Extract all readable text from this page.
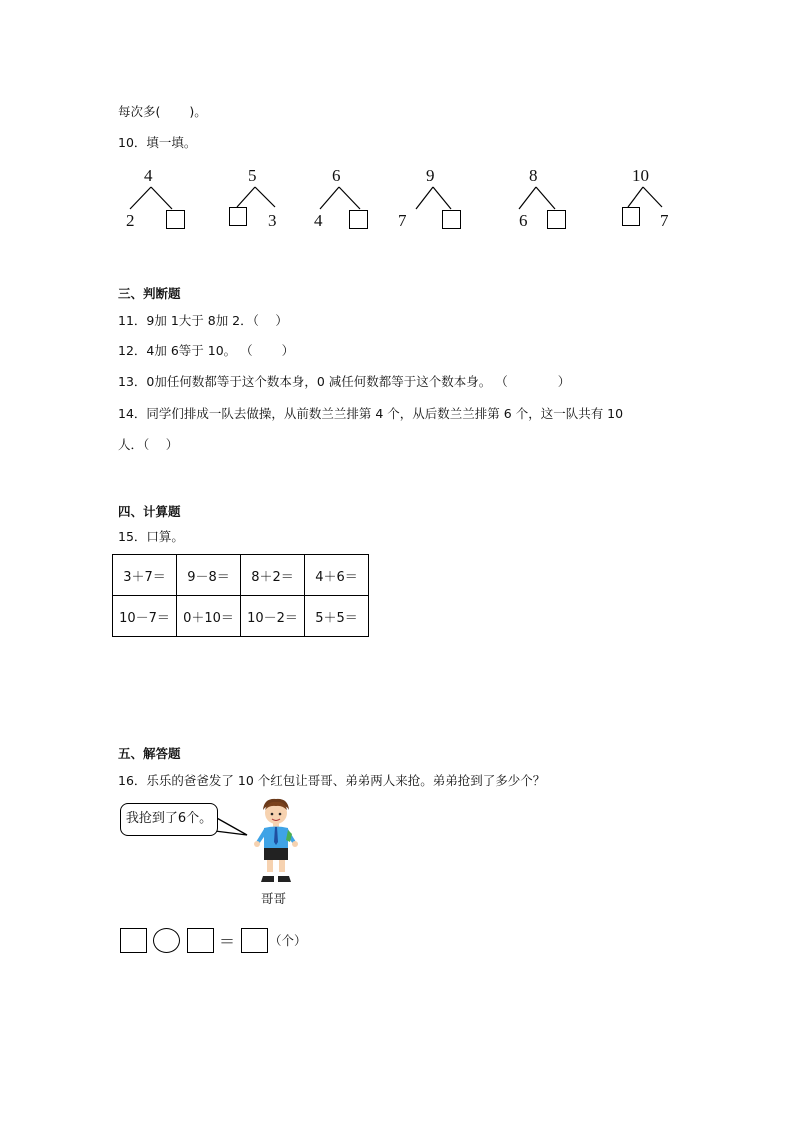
每次多(　　 )。
10．填一填。
4
2
5
3
6
4
9
7
8
6
10
7
三、判断题
11．9加 1大于 8加 2．（　 ）
12．4加 6等于 10。 （　　 ）
13．0加任何数都等于这个数本身，0 减任何数都等于这个数本身。 （　　　　）
14．同学们排成一队去做操，从前数兰兰排第 4 个，从后数兰兰排第 6 个，这一队共有 10
人．（　 ）
四、计算题
15．口算。
3＋7＝	9－8＝	8＋2＝	4＋6＝
10－7＝	0＋10＝	10－2＝	5＋5＝
五、解答题
16．乐乐的爸爸发了 10 个红包让哥哥、弟弟两人来抢。弟弟抢到了多少个？
我抢到了6个。
哥哥
＝	（个）
